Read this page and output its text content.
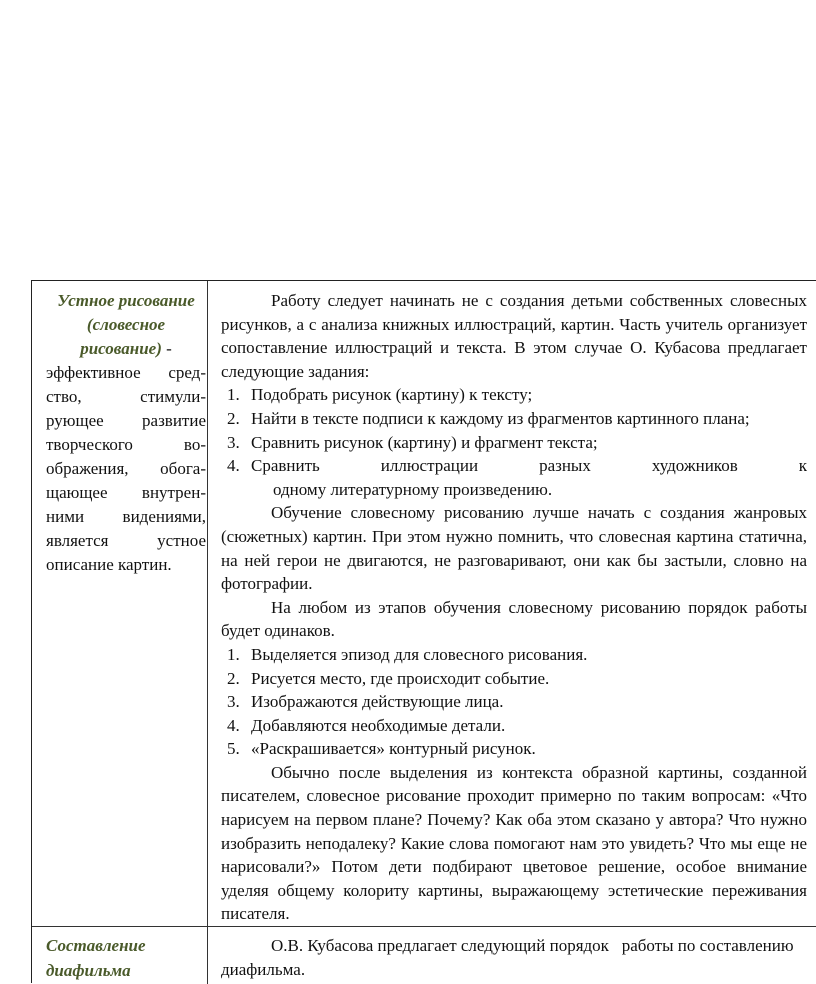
Устное рисование
(словесное
рисование) -
эффективное сред-ство, стимули-рующее развитие творческого во-ображения, обога-щающее внутрен-ними видениями, является устное описание картин.

Работу следует начинать не с создания детьми собственных словесных рисунков, а с анализа книжных иллюстраций, картин. Часть учитель организует сопоставление иллюстраций и текста. В этом случае О. Кубасова предлагает следующие задания:

1. Подобрать рисунок (картину) к тексту;
2. Найти в тексте подписи к каждому из фрагментов картинного плана;
3. Сравнить рисунок (картину) и фрагмент текста;
4. Сравнить иллюстрации разных художников к
одному литературному произведению.

Обучение словесному рисованию лучше начать с создания жанровых (сюжетных) картин. При этом нужно помнить, что словесная картина статична, на ней герои не двигаются, не разговаривают, они как бы застыли, словно на фотографии.

На любом из этапов обучения словесному рисованию порядок работы будет одинаков.

1. Выделяется эпизод для словесного рисования.
2. Рисуется место, где происходит событие.
3. Изображаются действующие лица.
4. Добавляются необходимые детали.
5. «Раскрашивается» контурный рисунок.

Обычно после выделения из контекста образной картины, созданной писателем, словесное рисование проходит примерно по таким вопросам: «Что нарисуем на первом плане? Почему? Как оба этом сказано у автора? Что нужно изобразить неподалеку? Какие слова помогают нам это увидеть? Что мы еще не нарисовали?» Потом дети подбирают цветовое решение, особое внимание уделяя общему колориту картины, выражающему эстетические переживания писателя.

Составление
диафильма

О.В. Кубасова предлагает следующий порядок   работы по составлению диафильма.
